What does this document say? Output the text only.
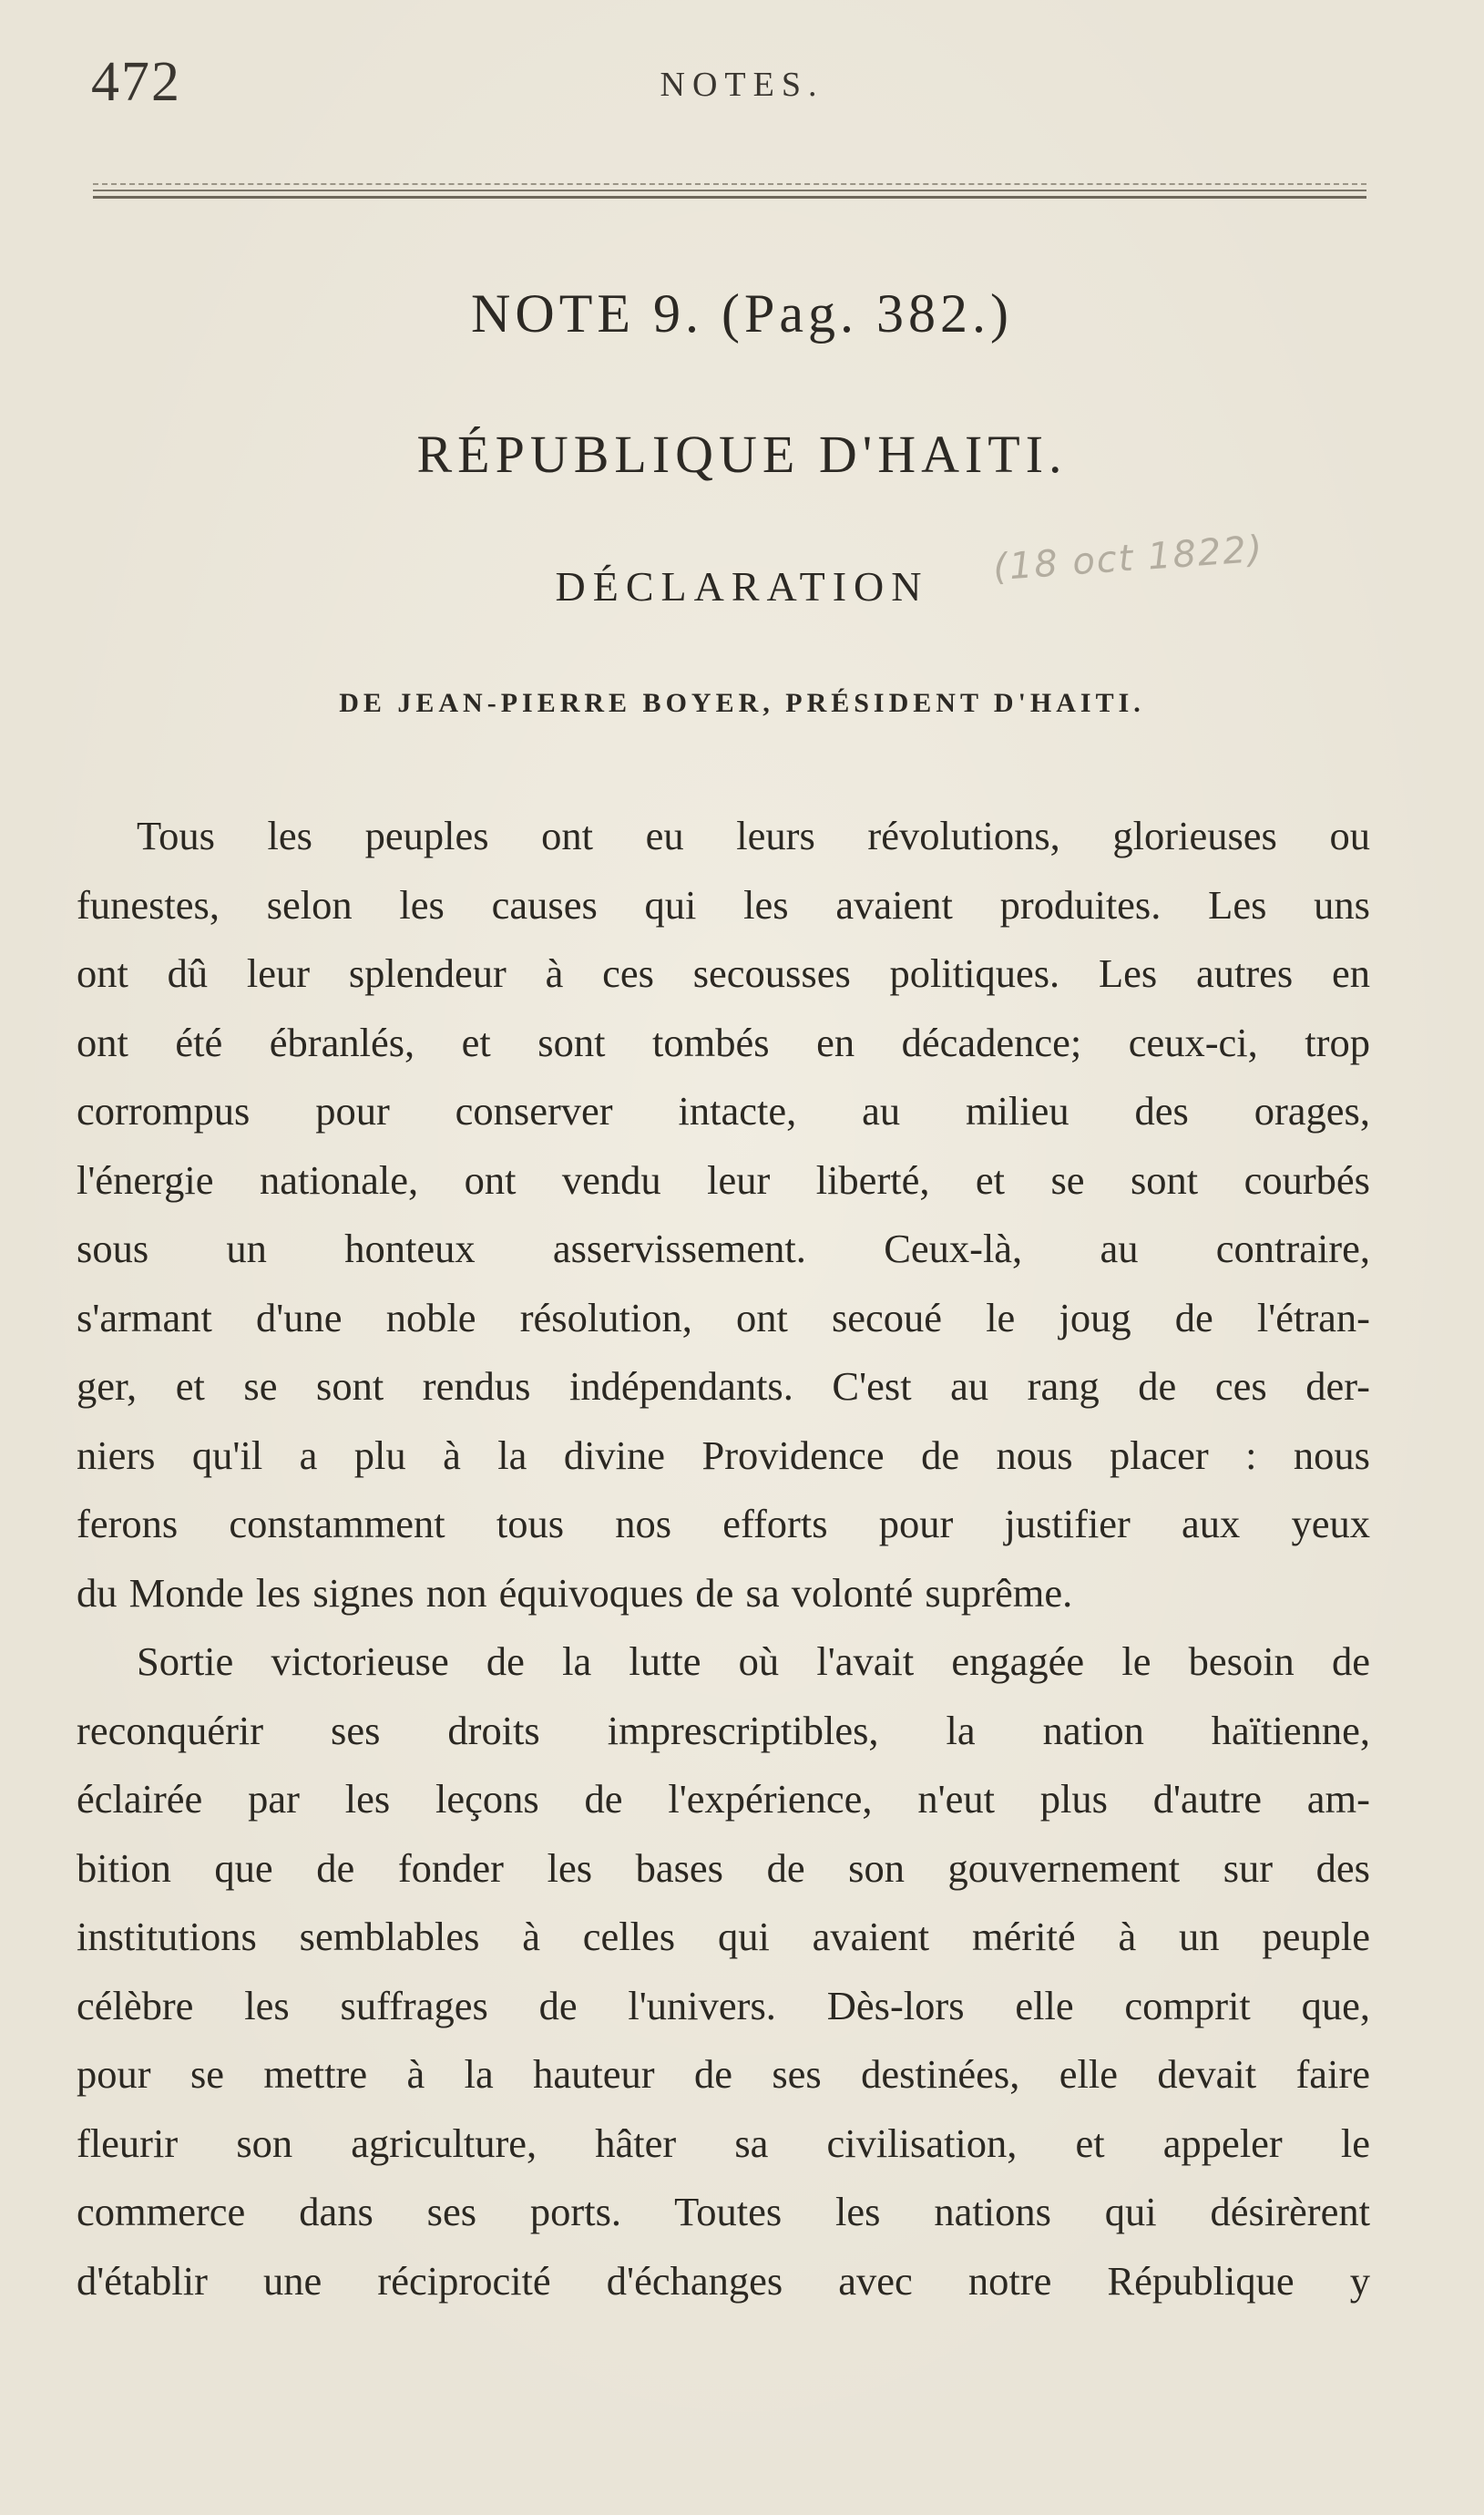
472	NOTES.
NOTE 9. (Pag. 382.)
RÉPUBLIQUE D'HAITI.
DÉCLARATION	(18 oct 1822)
DE JEAN-PIERRE BOYER, PRÉSIDENT D'HAITI.
Tous les peuples ont eu leurs révolutions, glorieuses ou
funestes, selon les causes qui les avaient produites. Les uns
ont dû leur splendeur à ces secousses politiques. Les autres en
ont été ébranlés, et sont tombés en décadence; ceux-ci, trop
corrompus pour conserver intacte, au milieu des orages,
l'énergie nationale, ont vendu leur liberté, et se sont courbés
sous un honteux asservissement. Ceux-là, au contraire,
s'armant d'une noble résolution, ont secoué le joug de l'étran-
ger, et se sont rendus indépendants. C'est au rang de ces der-
niers qu'il a plu à la divine Providence de nous placer : nous
ferons constamment tous nos efforts pour justifier aux yeux
du Monde les signes non équivoques de sa volonté suprême.
Sortie victorieuse de la lutte où l'avait engagée le besoin de
reconquérir ses droits imprescriptibles, la nation haïtienne,
éclairée par les leçons de l'expérience, n'eut plus d'autre am-
bition que de fonder les bases de son gouvernement sur des
institutions semblables à celles qui avaient mérité à un peuple
célèbre les suffrages de l'univers. Dès-lors elle comprit que,
pour se mettre à la hauteur de ses destinées, elle devait faire
fleurir son agriculture, hâter sa civilisation, et appeler le
commerce dans ses ports. Toutes les nations qui désirèrent
d'établir une réciprocité d'échanges avec notre République y
